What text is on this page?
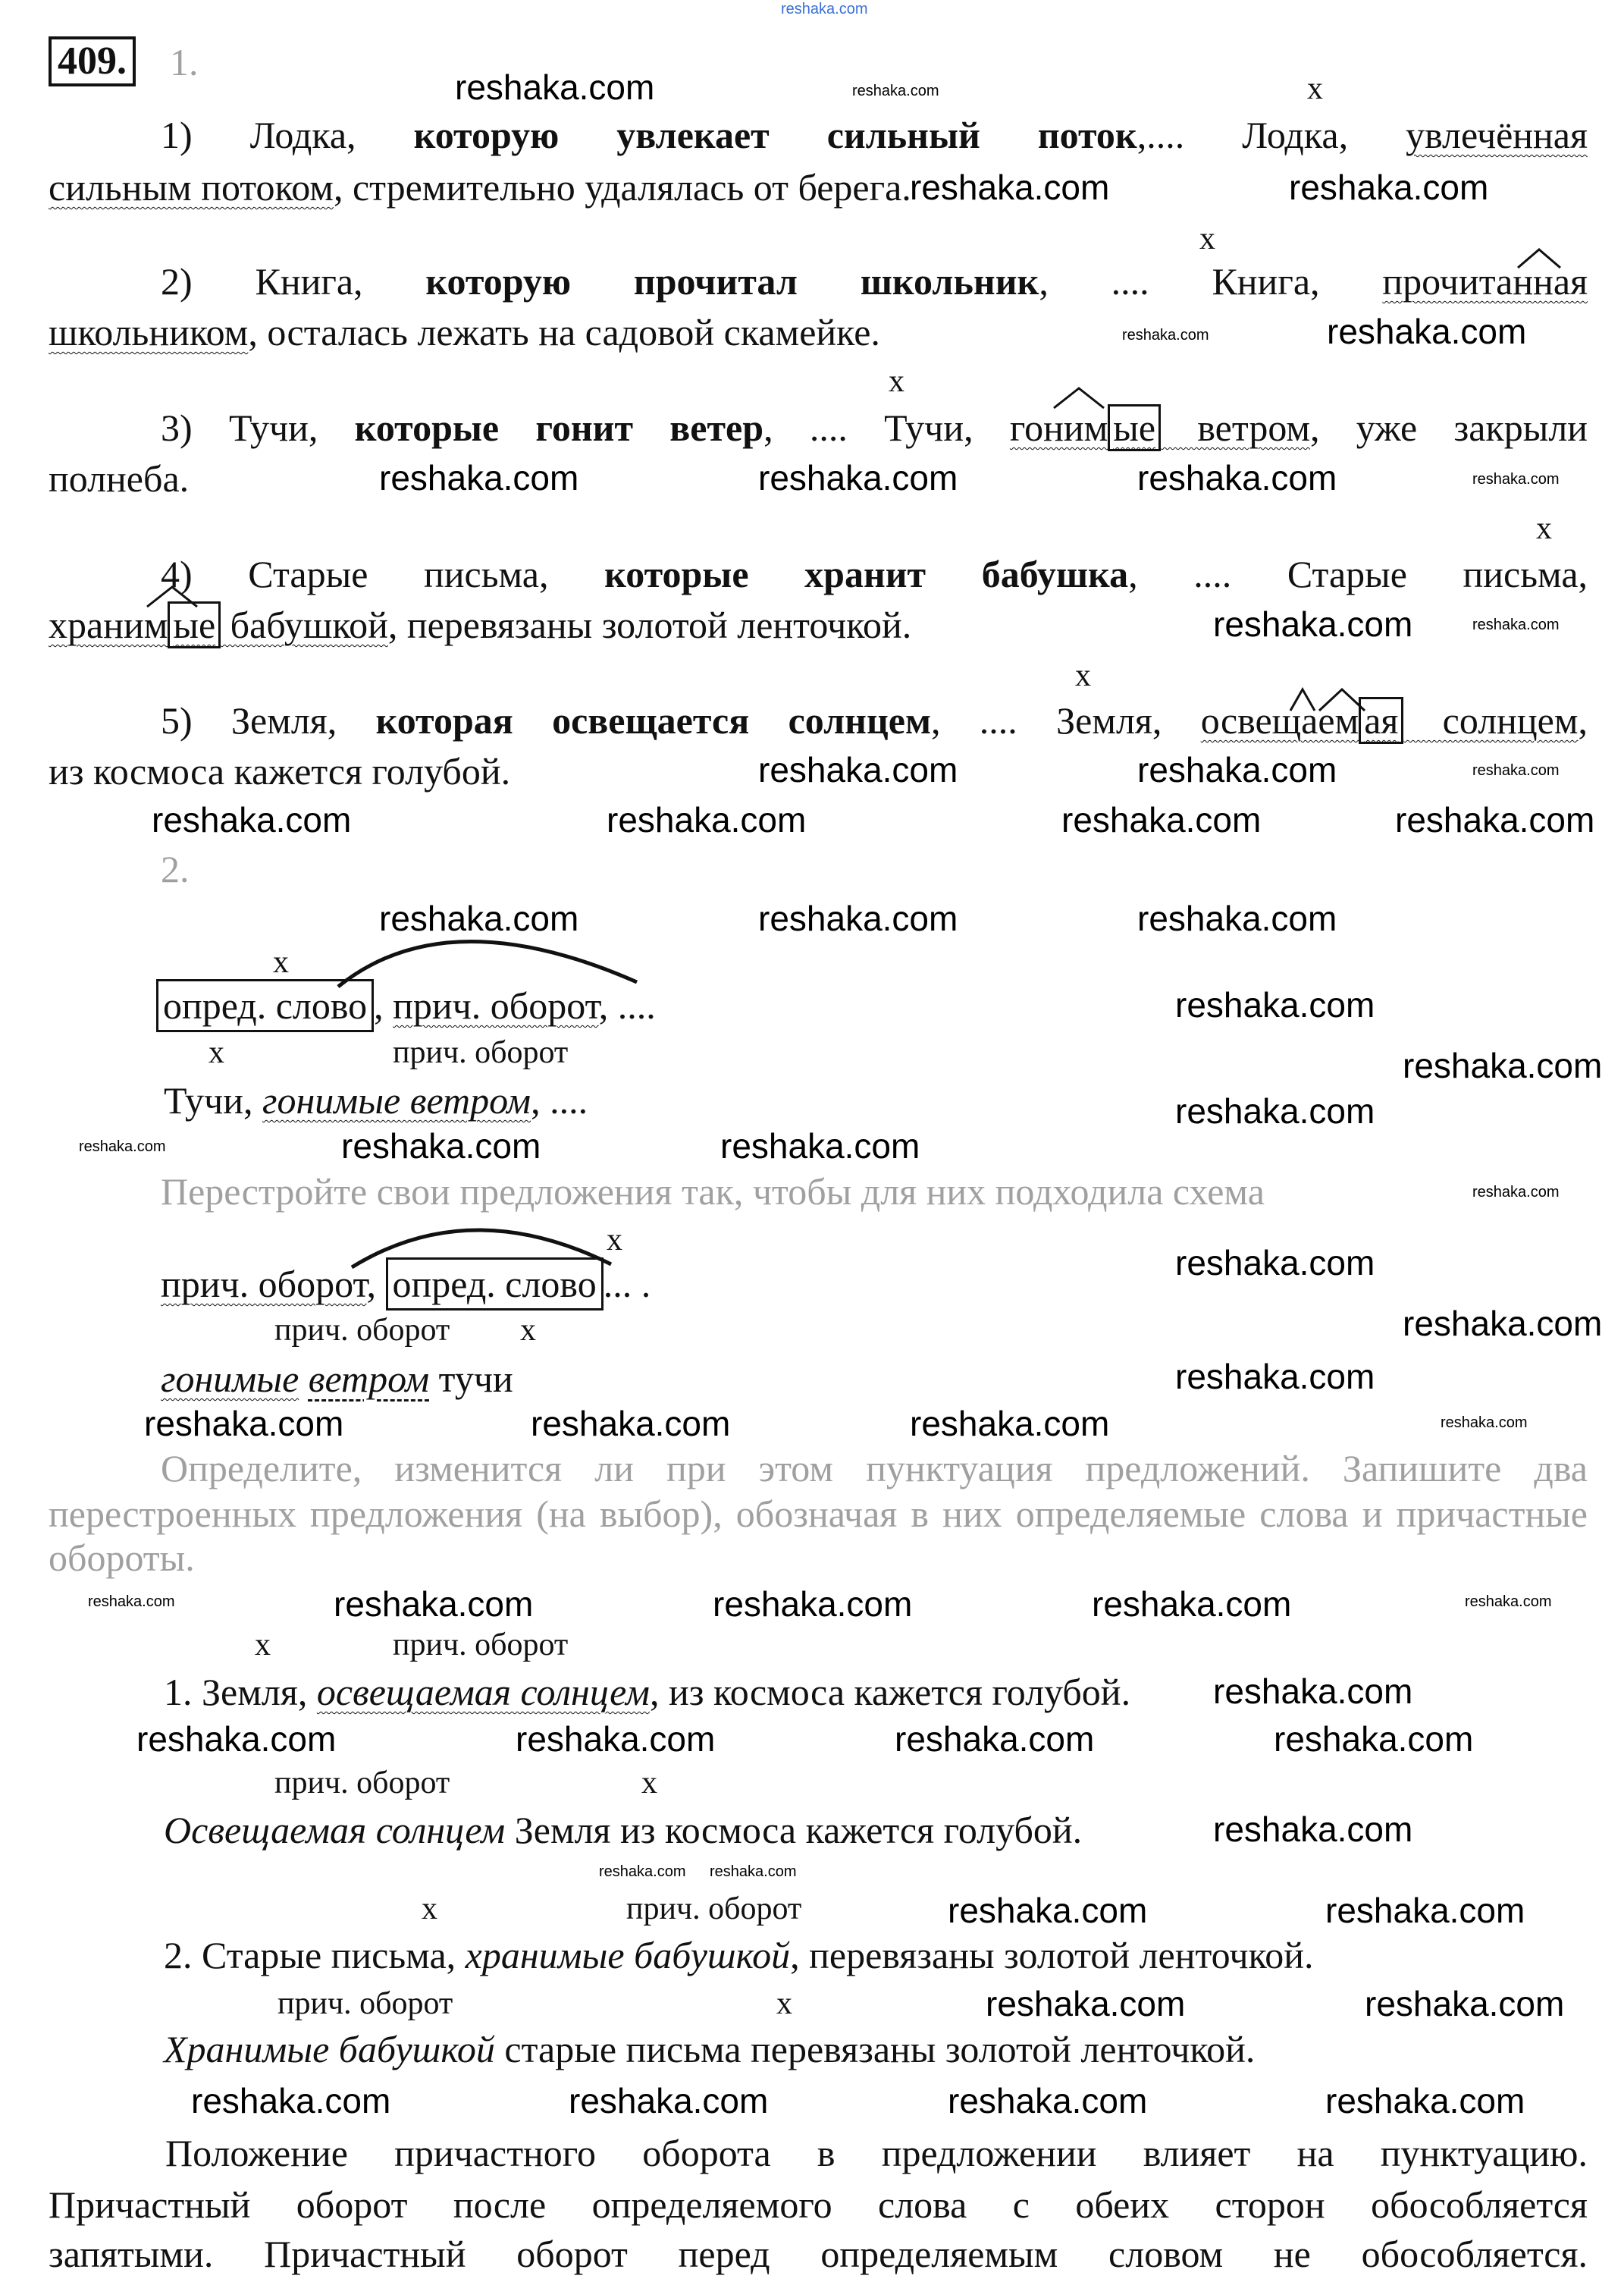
409. 1.
x
1) Лодка, которую увлекает сильный поток,.... Лодка, увлечённая
сильным потоком, стремительно удалялась от берега.
x
2) Книга, которую прочитал школьник, .... Книга, прочитанная
школьником, осталась лежать на садовой скамейке.
x
3) Тучи, которые гонит ветер, .... Тучи, гоним ые ветром, уже закрыли
полнеба.
x
4) Старые письма, которые хранит бабушка, .... Старые письма,
храним ые бабушкой, перевязаны золотой ленточкой.
x
5) Земля, которая освещается солнцем, .... Земля, освещаем ая солнцем,
из космоса кажется голубой.
2.
x
опред. слово , прич. оборот, ....
x	прич. оборот
Тучи, гонимые ветром, ....
Перестройте свои предложения так, чтобы для них подходила схема
x
прич. оборот, опред. слово ... .
прич. оборот x
гонимые ветром тучи
Определите, изменится ли при этом пунктуация предложений. Запишите два
перестроенных предложения (на выбор), обозначая в них определяемые слова и причастные
обороты.
x	прич. оборот
1. Земля, освещаемая солнцем, из космоса кажется голубой.
прич. оборот	x
Освещаемая солнцем Земля из космоса кажется голубой.
x	прич. оборот
2. Старые письма, хранимые бабушкой, перевязаны золотой ленточкой.
прич. оборот	x
Хранимые бабушкой старые письма перевязаны золотой ленточкой.
Положение причастного оборота в предложении влияет на пунктуацию.
Причастный оборот после определяемого слова с обеих сторон обособляется
запятыми. Причастный оборот перед определяемым словом не обособляется.
reshaka.com
reshaka.com	reshaka.com
reshaka.com	reshaka.com
reshaka.com	reshaka.com
reshaka.com	reshaka.com	reshaka.com	reshaka.com
reshaka.com	reshaka.com
reshaka.com	reshaka.com	reshaka.com
reshaka.com	reshaka.com	reshaka.com	reshaka.com
reshaka.com	reshaka.com	reshaka.com
reshaka.com
reshaka.com
reshaka.com
reshaka.com	reshaka.com	reshaka.com
reshaka.com
reshaka.com
reshaka.com
reshaka.com
reshaka.com	reshaka.com	reshaka.com	reshaka.com
reshaka.com	reshaka.com	reshaka.com	reshaka.com	reshaka.com
reshaka.com
reshaka.com	reshaka.com	reshaka.com	reshaka.com
reshaka.com
reshaka.com reshaka.com
reshaka.com	reshaka.com
reshaka.com	reshaka.com
reshaka.com	reshaka.com	reshaka.com	reshaka.com
